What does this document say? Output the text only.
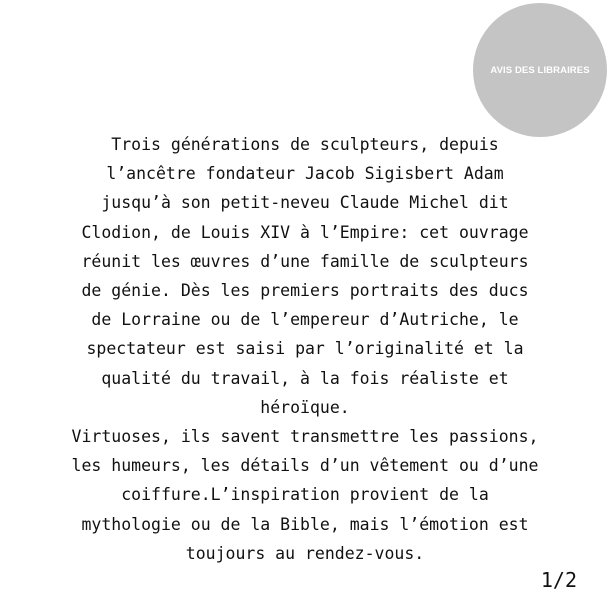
AVIS DES LIBRAIRES
Trois générations de sculpteurs, depuis
l’ancêtre fondateur Jacob Sigisbert Adam
jusqu’à son petit-neveu Claude Michel dit
Clodion, de Louis XIV à l’Empire: cet ouvrage
réunit les œuvres d’une famille de sculpteurs
de génie. Dès les premiers portraits des ducs
de Lorraine ou de l’empereur d’Autriche, le
spectateur est saisi par l’originalité et la
qualité du travail, à la fois réaliste et
héroïque.
Virtuoses, ils savent transmettre les passions,
les humeurs, les détails d’un vêtement ou d’une
coiffure.L’inspiration provient de la
mythologie ou de la Bible, mais l’émotion est
toujours au rendez-vous.
1/2
